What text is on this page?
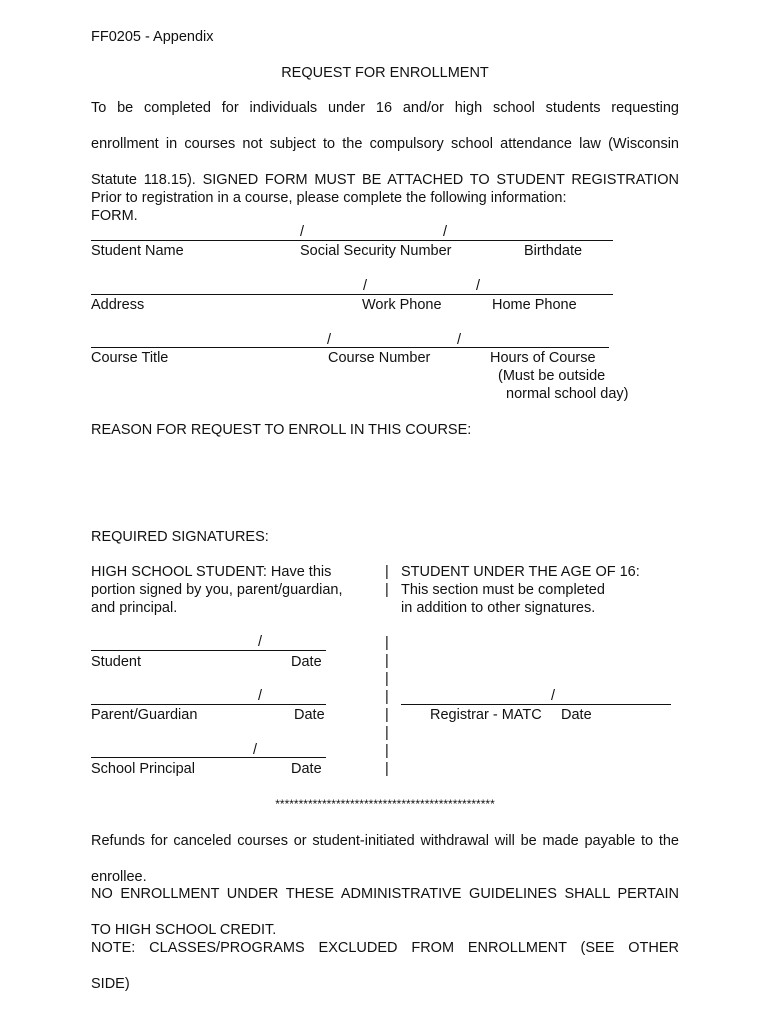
FF0205 - Appendix
REQUEST FOR ENROLLMENT
To be completed for individuals under 16 and/or high school students requesting
enrollment in courses not subject to the compulsory school attendance law (Wisconsin
Statute 118.15). SIGNED FORM MUST BE ATTACHED TO STUDENT REGISTRATION
FORM.
Prior to registration in a course, please complete the following information:
/	/
Student Name	Social Security Number	Birthdate
/	/
Address	Work Phone	Home Phone
/	/
Course Title	Course Number	Hours of Course
(Must be outside
normal school day)
REASON FOR REQUEST TO ENROLL IN THIS COURSE:
REQUIRED SIGNATURES:
HIGH SCHOOL STUDENT: Have this
portion signed by you, parent/guardian,
and principal.
|
|
STUDENT UNDER THE AGE OF 16:
This section must be completed
in addition to other signatures.
|
|
|
|
|
|
|
|
/
Student	Date
/
Parent/Guardian	Date
/
Registrar - MATC Date
/
School Principal	Date
***********************************************
Refunds for canceled courses or student-initiated withdrawal will be made payable to the
enrollee.
NO ENROLLMENT UNDER THESE ADMINISTRATIVE GUIDELINES SHALL PERTAIN
TO HIGH SCHOOL CREDIT.
NOTE: CLASSES/PROGRAMS EXCLUDED FROM ENROLLMENT (SEE OTHER
SIDE)
